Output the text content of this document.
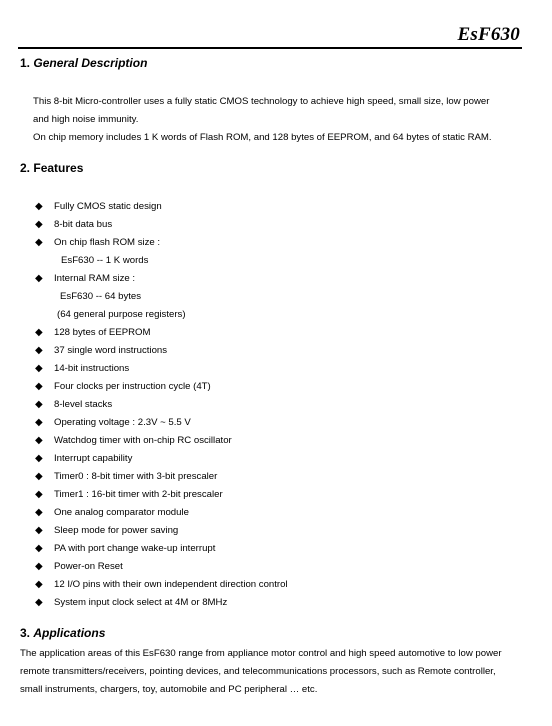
EsF630
1. General Description
This 8-bit Micro-controller uses a fully static CMOS technology to achieve high speed, small size, low power
and high noise immunity.
On chip memory includes 1 K words of Flash ROM, and 128 bytes of EEPROM, and 64 bytes of static RAM.
2. Features
◆ Fully CMOS static design
◆ 8-bit data bus
◆ On chip flash ROM size :
EsF630 -- 1 K words
◆ Internal RAM size :
EsF630 -- 64 bytes
(64 general purpose registers)
◆ 128 bytes of EEPROM
◆ 37 single word instructions
◆ 14-bit instructions
◆ Four clocks per instruction cycle (4T)
◆ 8-level stacks
◆ Operating voltage : 2.3V ~ 5.5 V
◆ Watchdog timer with on-chip RC oscillator
◆ Interrupt capability
◆ Timer0 : 8-bit timer with 3-bit prescaler
◆ Timer1 : 16-bit timer with 2-bit prescaler
◆ One analog comparator module
◆ Sleep mode for power saving
◆ PA with port change wake-up interrupt
◆ Power-on Reset
◆ 12 I/O pins with their own independent direction control
◆ System input clock select at 4M or 8MHz
3. Applications
The application areas of this EsF630 range from appliance motor control and high speed automotive to low power
remote transmitters/receivers, pointing devices, and telecommunications processors, such as Remote controller,
small instruments, chargers, toy, automobile and PC peripheral … etc.
